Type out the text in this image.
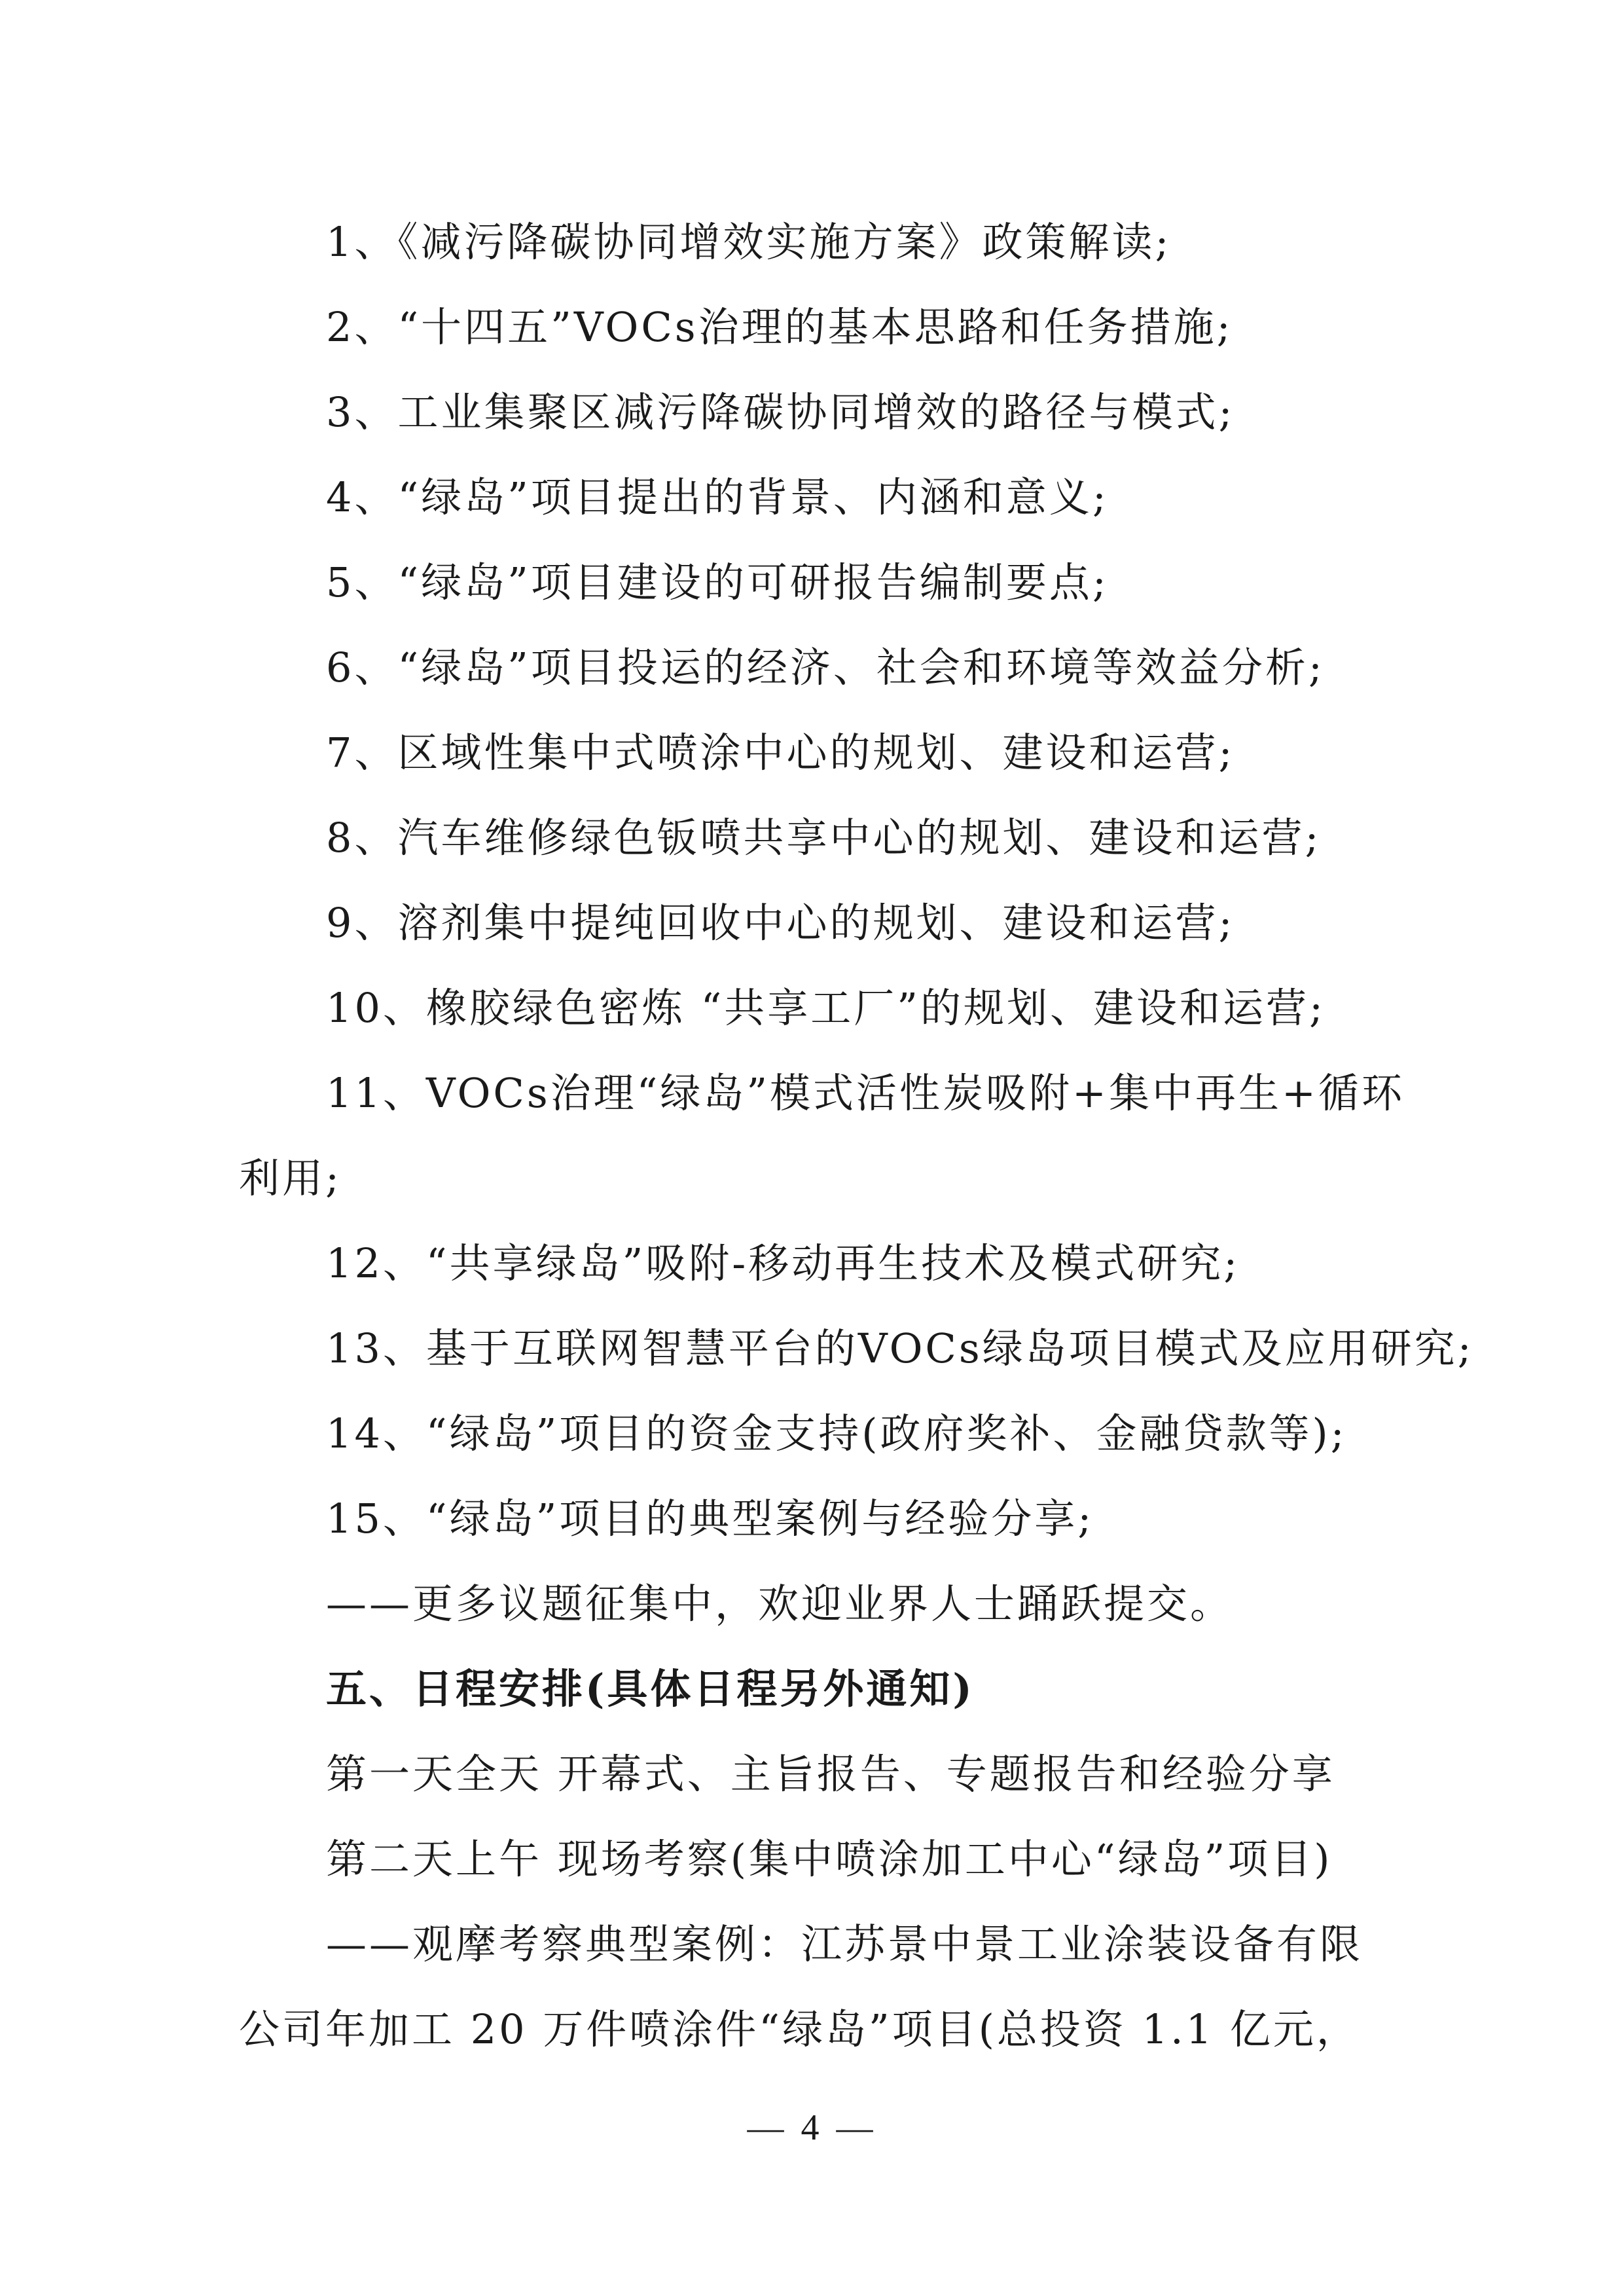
1、《减污降碳协同增效实施方案》政策解读;
2、“十四五”VOCs治理的基本思路和任务措施;
3、工业集聚区减污降碳协同增效的路径与模式;
4、“绿岛”项目提出的背景、内涵和意义;
5、“绿岛”项目建设的可研报告编制要点;
6、“绿岛”项目投运的经济、社会和环境等效益分析;
7、区域性集中式喷涂中心的规划、建设和运营;
8、汽车维修绿色钣喷共享中心的规划、建设和运营;
9、溶剂集中提纯回收中心的规划、建设和运营;
10、橡胶绿色密炼 “共享工厂”的规划、建设和运营;
11、VOCs治理“绿岛”模式活性炭吸附+集中再生+循环
利用;
12、“共享绿岛”吸附-移动再生技术及模式研究;
13、基于互联网智慧平台的VOCs绿岛项目模式及应用研究;
14、“绿岛”项目的资金支持(政府奖补、金融贷款等);
15、“绿岛”项目的典型案例与经验分享;
——更多议题征集中，欢迎业界人士踊跃提交。
五、日程安排(具体日程另外通知)
第一天全天 开幕式、主旨报告、专题报告和经验分享
第二天上午 现场考察(集中喷涂加工中心“绿岛”项目)
——观摩考察典型案例：江苏景中景工业涂装设备有限
公司年加工 20 万件喷涂件“绿岛”项目(总投资 1.1 亿元，
— 4 —
